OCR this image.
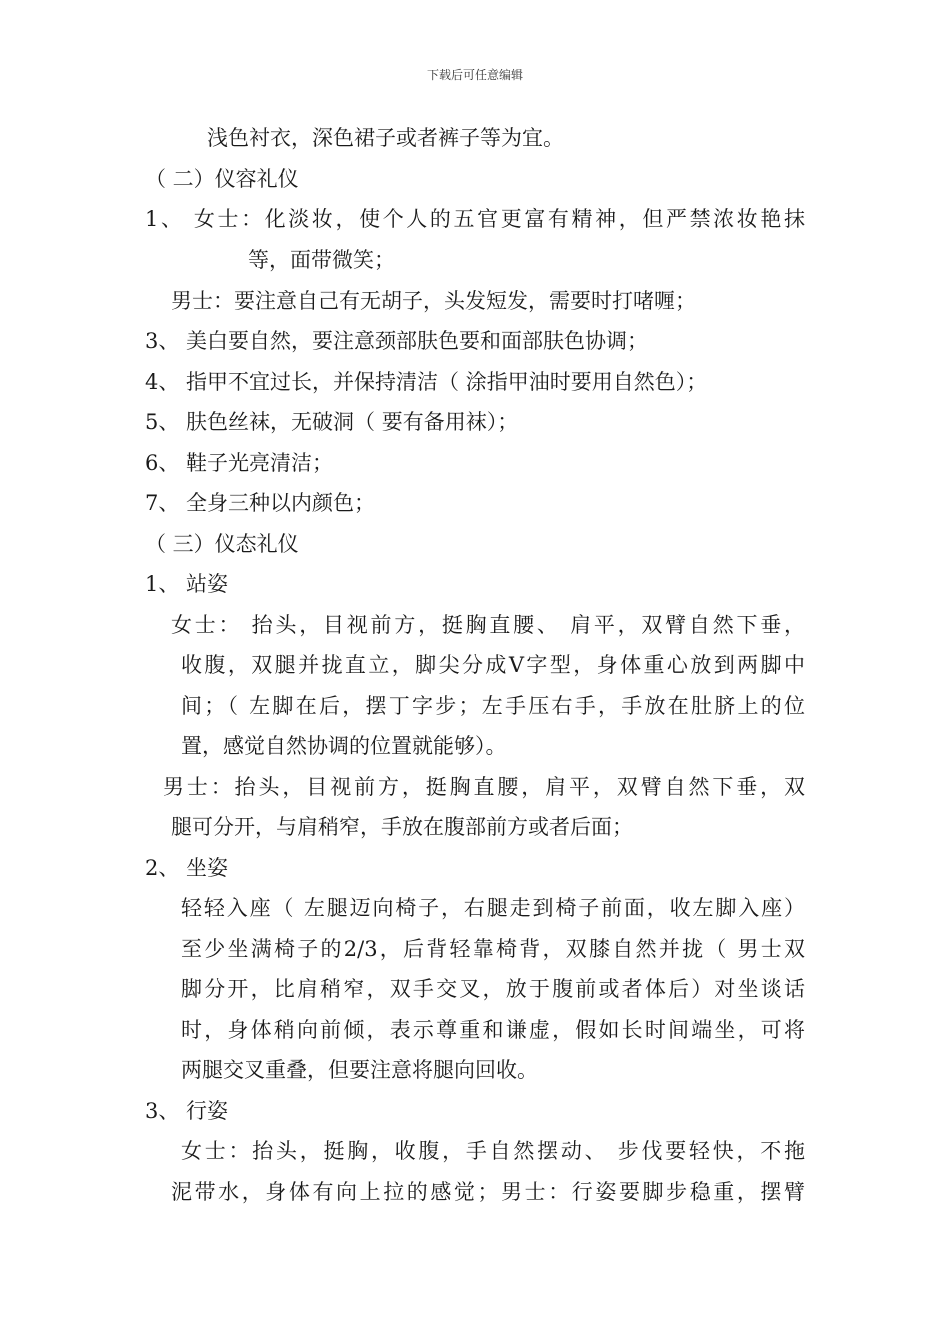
下载后可任意编辑
浅色衬衣，深色裙子或者裤子等为宜。
（ 二）仪容礼仪
1、 女士：化淡妆，使个人的五官更富有精神，但严禁浓妆艳抹
等，面带微笑；
男士：要注意自己有无胡子，头发短发，需要时打啫喱；
3、 美白要自然，要注意颈部肤色要和面部肤色协调；
4、 指甲不宜过长，并保持清洁（ 涂指甲油时要用自然色）；
5、 肤色丝袜，无破洞（ 要有备用袜）；
6、 鞋子光亮清洁；
7、 全身三种以内颜色；
（ 三）仪态礼仪
1、 站姿
女士： 抬头，目视前方，挺胸直腰、 肩平，双臂自然下垂，
收腹，双腿并拢直立，脚尖分成V字型，身体重心放到两脚中
间；（ 左脚在后，摆丁字步；左手压右手，手放在肚脐上的位
置，感觉自然协调的位置就能够）。
男士：抬头，目视前方，挺胸直腰，肩平，双臂自然下垂，双
腿可分开，与肩稍窄，手放在腹部前方或者后面；
2、 坐姿
轻轻入座（ 左腿迈向椅子，右腿走到椅子前面，收左脚入座）
至少坐满椅子的2/3，后背轻靠椅背，双膝自然并拢（ 男士双
脚分开，比肩稍窄，双手交叉，放于腹前或者体后）对坐谈话
时，身体稍向前倾，表示尊重和谦虚，假如长时间端坐，可将
两腿交叉重叠，但要注意将腿向回收。
3、 行姿
女士：抬头，挺胸，收腹，手自然摆动、 步伐要轻快，不拖
泥带水，身体有向上拉的感觉；男士：行姿要脚步稳重，摆臂
